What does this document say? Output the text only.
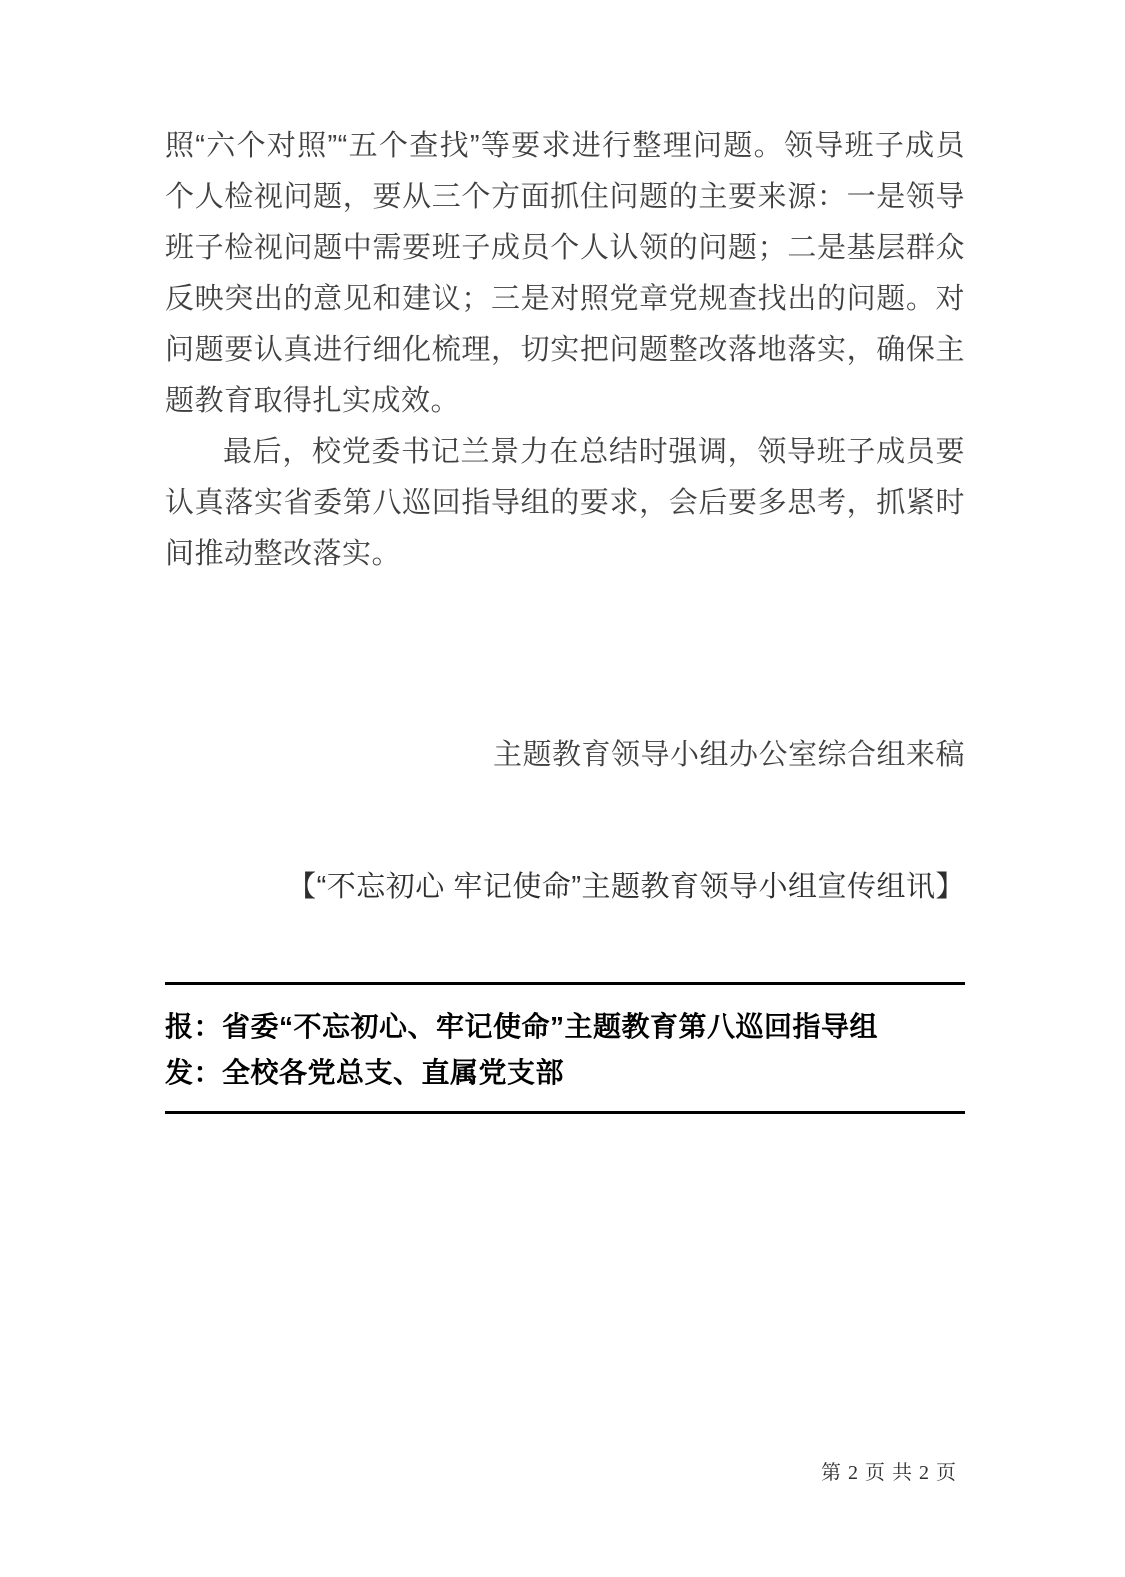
照“六个对照”“五个查找”等要求进行整理问题。领导班子成员个人检视问题，要从三个方面抓住问题的主要来源：一是领导班子检视问题中需要班子成员个人认领的问题；二是基层群众反映突出的意见和建议；三是对照党章党规查找出的问题。对问题要认真进行细化梳理，切实把问题整改落地落实，确保主题教育取得扎实成效。

最后，校党委书记兰景力在总结时强调，领导班子成员要认真落实省委第八巡回指导组的要求，会后要多思考，抓紧时间推动整改落实。

主题教育领导小组办公室综合组来稿

【“不忘初心 牢记使命”主题教育领导小组宣传组讯】

报：省委“不忘初心、牢记使命”主题教育第八巡回指导组

发：全校各党总支、直属党支部

第 2 页 共 2 页
